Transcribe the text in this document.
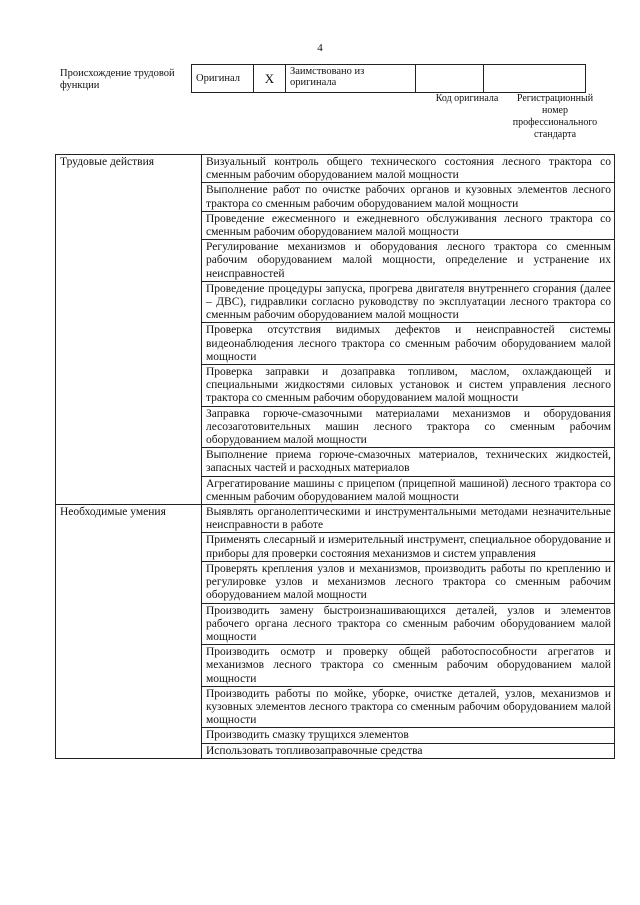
4
Происхождение трудовой функции
Оригинал	X	Заимствовано из оригинала		
Код оригинала	Регистрационный номер профессионального стандарта
Трудовые действия	Визуальный контроль общего технического состояния лесного трактора со сменным рабочим оборудованием малой мощности
	Выполнение работ по очистке рабочих органов и кузовных элементов лесного трактора со сменным рабочим оборудованием малой мощности
	Проведение ежесменного и ежедневного обслуживания лесного трактора со сменным рабочим оборудованием малой мощности
	Регулирование механизмов и оборудования лесного трактора со сменным рабочим оборудованием малой мощности, определение и устранение их неисправностей
	Проведение процедуры запуска, прогрева двигателя внутреннего сгорания (далее – ДВС), гидравлики согласно руководству по эксплуатации лесного трактора со сменным рабочим оборудованием малой мощности
	Проверка отсутствия видимых дефектов и неисправностей системы видеонаблюдения лесного трактора со сменным рабочим оборудованием малой мощности
	Проверка заправки и дозаправка топливом, маслом, охлаждающей и специальными жидкостями силовых установок и систем управления лесного трактора со сменным рабочим оборудованием малой мощности
	Заправка горюче-смазочными материалами механизмов и оборудования лесозаготовительных машин лесного трактора со сменным рабочим оборудованием малой мощности
	Выполнение приема горюче-смазочных материалов, технических жидкостей, запасных частей и расходных материалов
	Агрегатирование машины с прицепом (прицепной машиной) лесного трактора со сменным рабочим оборудованием малой мощности
Необходимые умения	Выявлять органолептическими и инструментальными методами незначительные неисправности в работе
	Применять слесарный и измерительный инструмент, специальное оборудование и приборы для проверки состояния механизмов и систем управления
	Проверять крепления узлов и механизмов, производить работы по креплению и регулировке узлов и механизмов лесного трактора со сменным рабочим оборудованием малой мощности
	Производить замену быстроизнашивающихся деталей, узлов и элементов рабочего органа лесного трактора со сменным рабочим оборудованием малой мощности
	Производить осмотр и проверку общей работоспособности агрегатов и механизмов лесного трактора со сменным рабочим оборудованием малой мощности
	Производить работы по мойке, уборке, очистке деталей, узлов, механизмов и кузовных элементов лесного трактора со сменным рабочим оборудованием малой мощности
	Производить смазку трущихся элементов
	Использовать топливозаправочные средства
